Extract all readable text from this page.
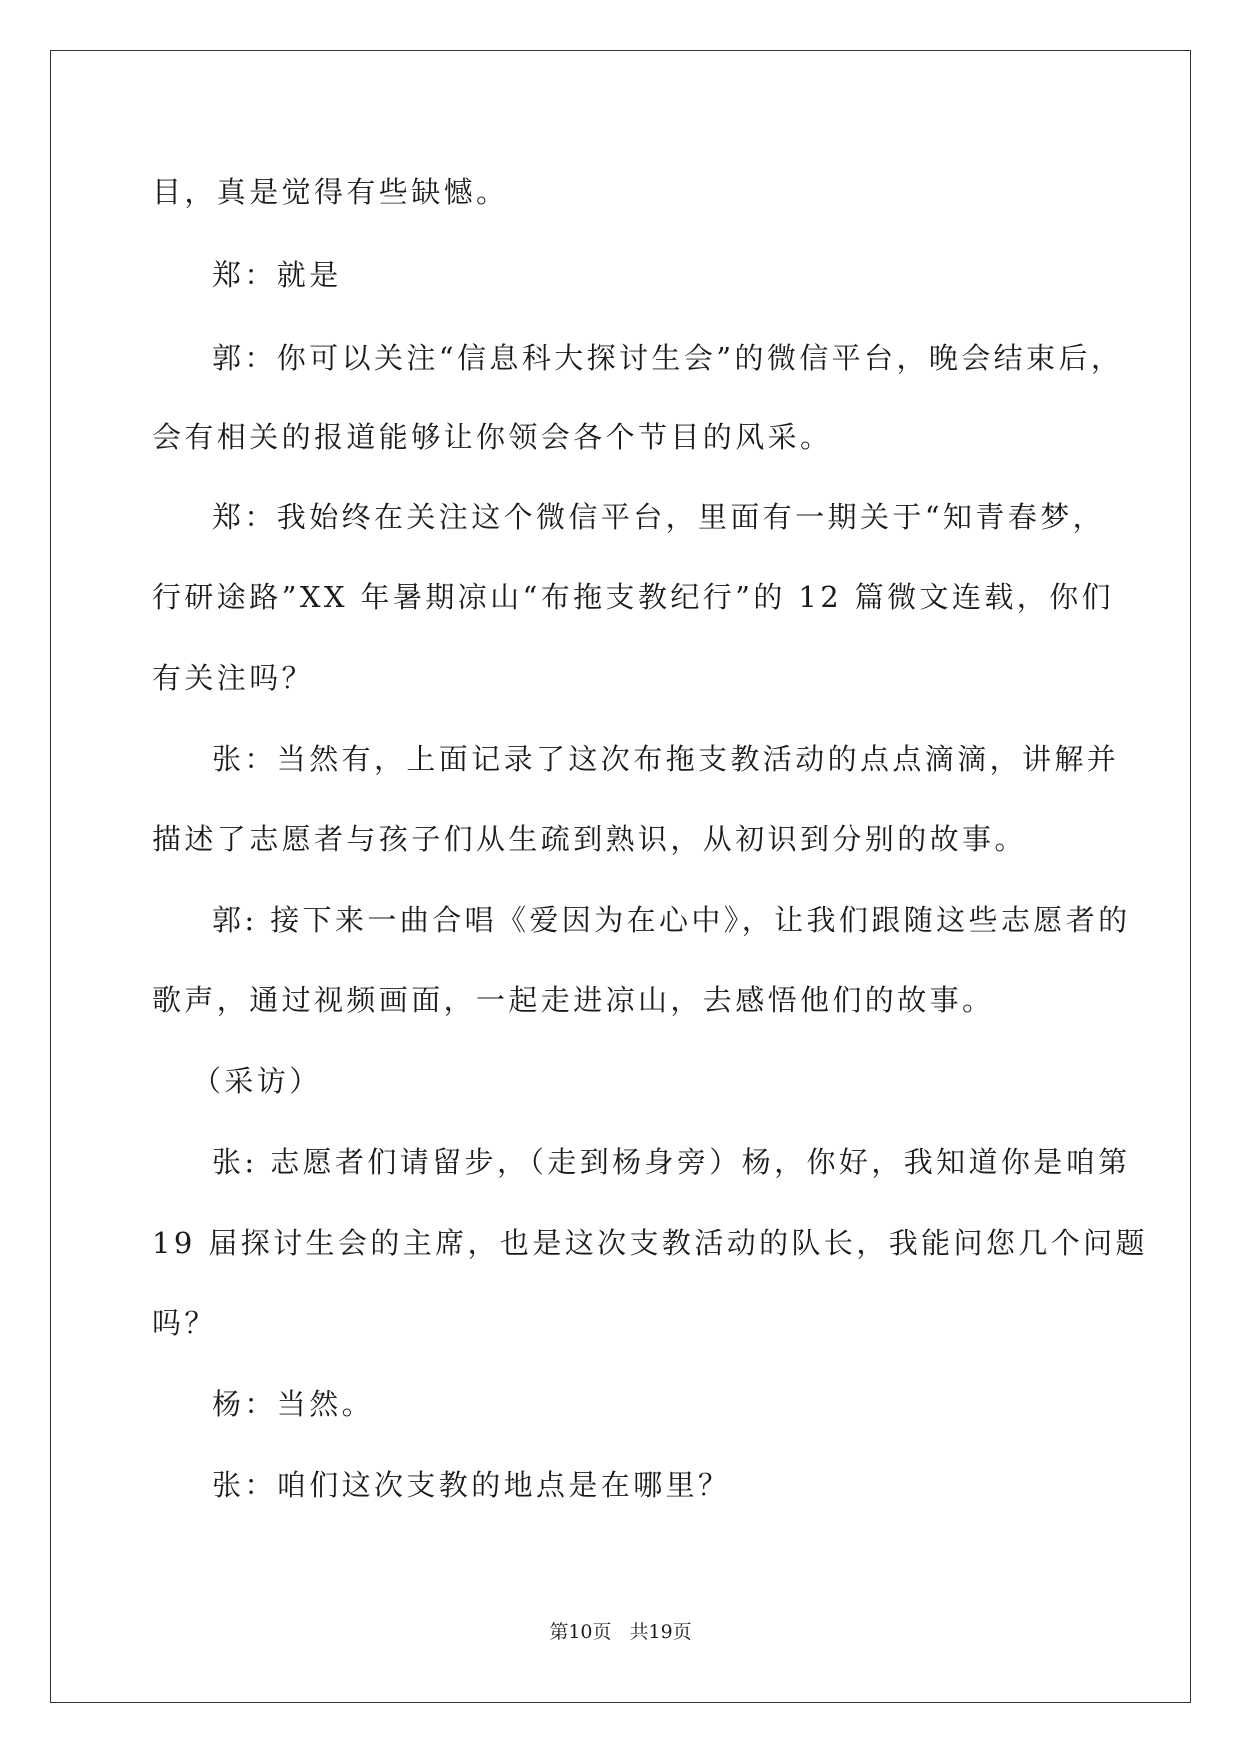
目，真是觉得有些缺憾。
郑：就是
郭：你可以关注“信息科大探讨生会”的微信平台，晚会结束后，
会有相关的报道能够让你领会各个节目的风采。
郑：我始终在关注这个微信平台，里面有一期关于“知青春梦，
行研途路”XX 年暑期凉山“布拖支教纪行”的 12 篇微文连载，你们
有关注吗？
张：当然有，上面记录了这次布拖支教活动的点点滴滴，讲解并
描述了志愿者与孩子们从生疏到熟识，从初识到分别的故事。
郭: 接下来一曲合唱《爱因为在心中》，让我们跟随这些志愿者的
歌声，通过视频画面，一起走进凉山，去感悟他们的故事。
（采访）
张: 志愿者们请留步，（走到杨身旁）杨，你好，我知道你是咱第
19 届探讨生会的主席，也是这次支教活动的队长，我能问您几个问题
吗？
杨：当然。
张：咱们这次支教的地点是在哪里？
第10页 共19页
